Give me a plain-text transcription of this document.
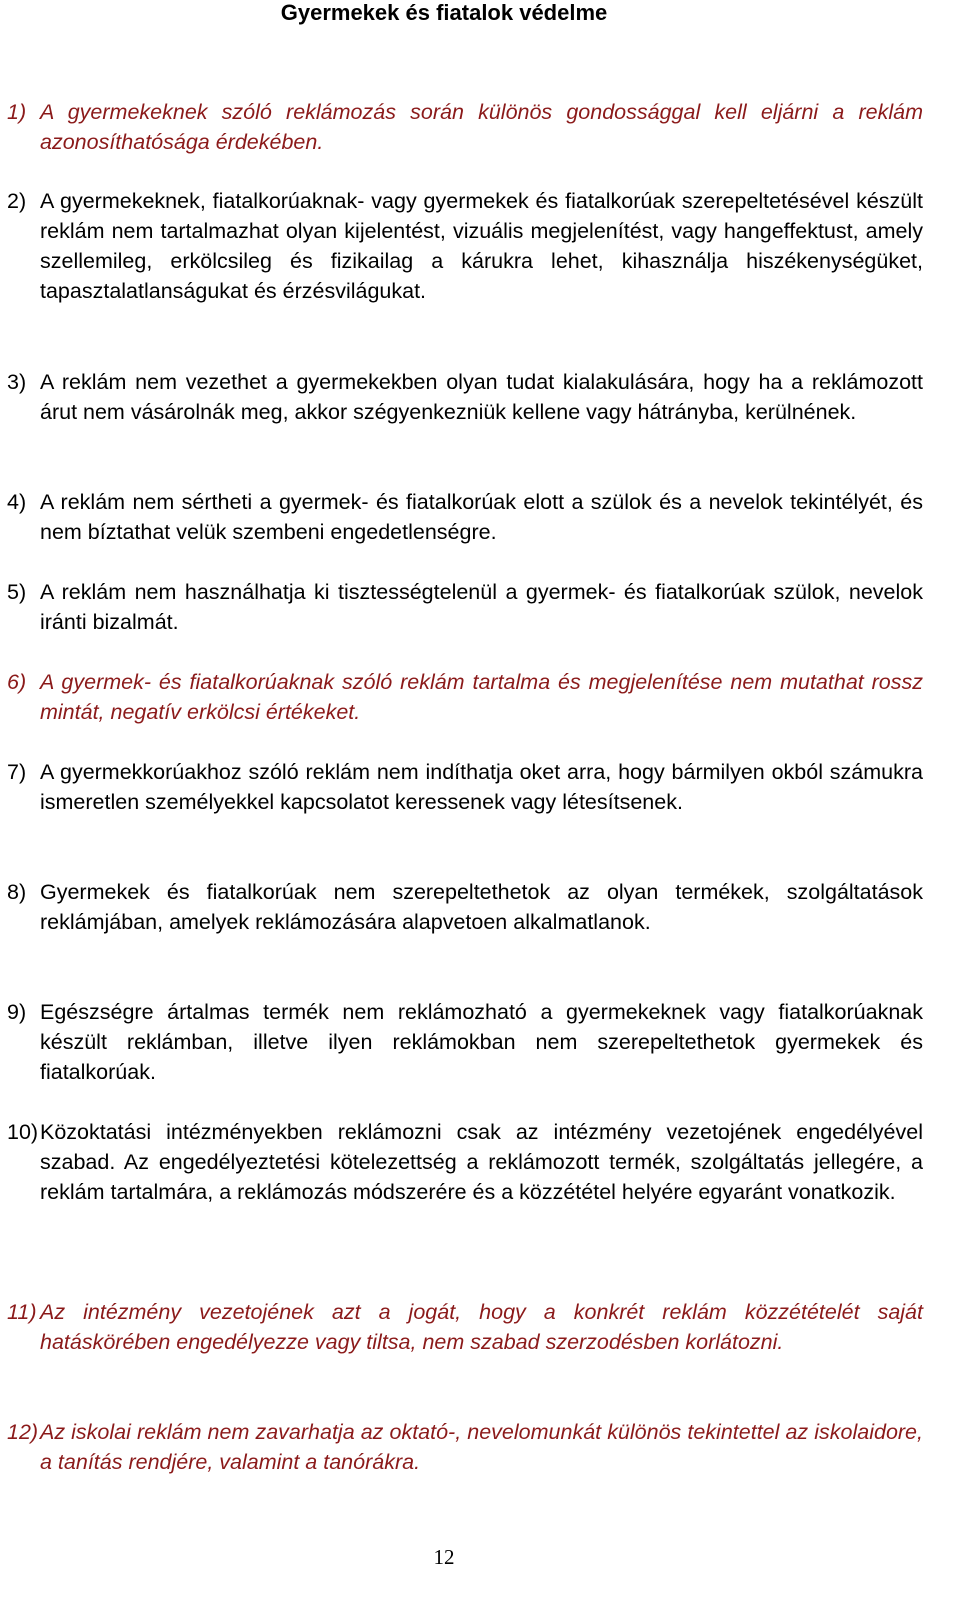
Gyermekek és fiatalok védelme
1) A gyermekeknek szóló reklámozás során különös gondossággal kell eljárni a reklám azonosíthatósága érdekében.
2) A gyermekeknek, fiatalkorúaknak- vagy gyermekek és fiatalkorúak szerepeltetésével készült reklám nem tartalmazhat olyan kijelentést, vizuális megjelenítést, vagy hangeffektust, amely szellemileg, erkölcsileg és fizikailag a kárukra lehet, kihasználja hiszékenységüket, tapasztalatlanságukat és érzésvilágukat.
3) A reklám nem vezethet a gyermekekben olyan tudat kialakulására, hogy ha a reklámozott árut nem vásárolnák meg, akkor szégyenkezniük kellene vagy hátrányba, kerülnének.
4) A reklám nem sértheti a gyermek- és fiatalkorúak elott a szülok és a nevelok tekintélyét, és nem bíztathat velük szembeni engedetlenségre.
5) A reklám nem használhatja ki tisztességtelenül a gyermek- és fiatalkorúak szülok, nevelok iránti bizalmát.
6) A gyermek- és fiatalkorúaknak szóló reklám tartalma és megjelenítése nem mutathat rossz mintát, negatív erkölcsi értékeket.
7) A gyermekkorúakhoz szóló reklám nem indíthatja oket arra, hogy bármilyen okból számukra ismeretlen személyekkel kapcsolatot keressenek vagy létesítsenek.
8) Gyermekek és fiatalkorúak nem szerepeltethetok az olyan termékek, szolgáltatások reklámjában, amelyek reklámozására alapvetoen alkalmatlanok.
9) Egészségre ártalmas termék nem reklámozható a gyermekeknek vagy fiatalkorúaknak készült reklámban, illetve ilyen reklámokban nem szerepeltethetok gyermekek és fiatalkorúak.
10) Közoktatási intézményekben reklámozni csak az intézmény vezetojének engedélyével szabad. Az engedélyeztetési kötelezettség a reklámozott termék, szolgáltatás jellegére, a reklám tartalmára, a reklámozás módszerére és a közzététel helyére egyaránt vonatkozik.
11) Az intézmény vezetojének azt a jogát, hogy a konkrét reklám közzétételét saját hatáskörében engedélyezze vagy tiltsa, nem szabad szerzodésben korlátozni.
12) Az iskolai reklám nem zavarhatja az oktató-, nevelomunkát különös tekintettel az iskolaidore, a tanítás rendjére, valamint a tanórákra.
12
